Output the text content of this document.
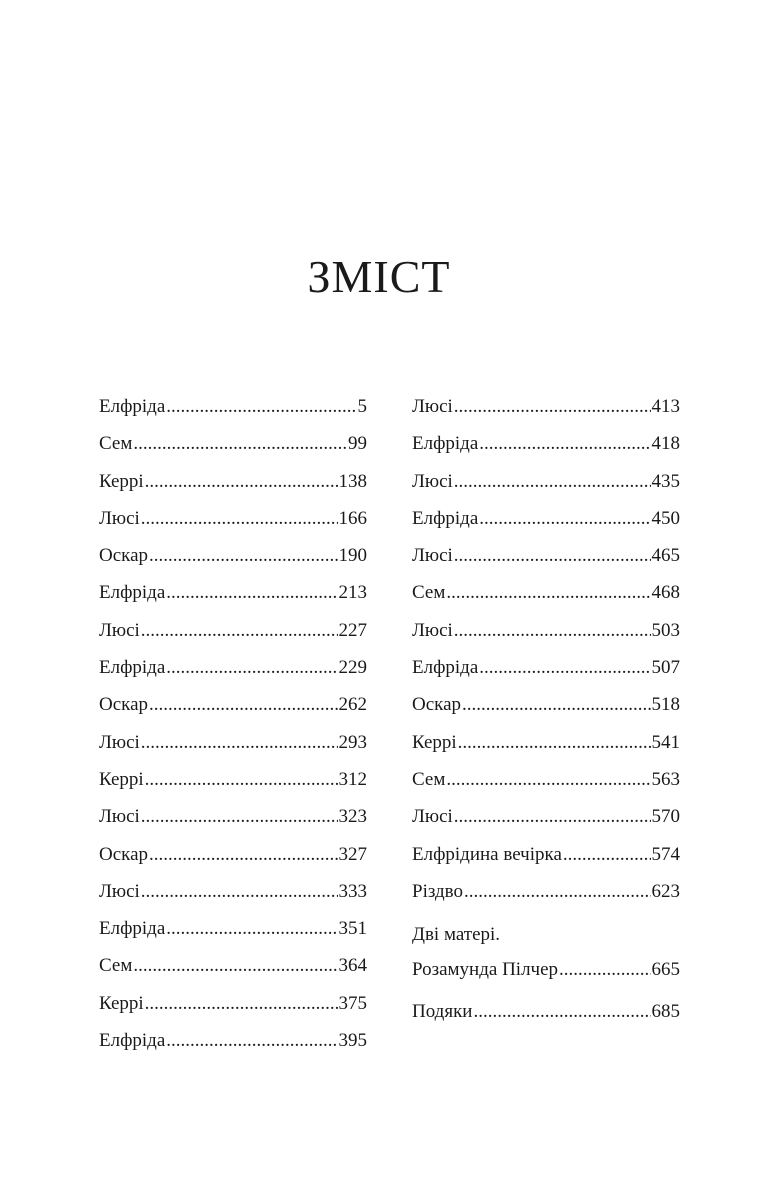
ЗМІСТ
Елфріда .....	5
Сем .....	99
Керрі .....	138
Люсі .....	166
Оскар .....	190
Елфріда .....	213
Люсі .....	227
Елфріда .....	229
Оскар .....	262
Люсі .....	293
Керрі .....	312
Люсі .....	323
Оскар .....	327
Люсі .....	333
Елфріда .....	351
Сем .....	364
Керрі .....	375
Елфріда .....	395
Люсі .....	413
Елфріда .....	418
Люсі .....	435
Елфріда .....	450
Люсі .....	465
Сем .....	468
Люсі .....	503
Елфріда .....	507
Оскар .....	518
Керрі .....	541
Сем .....	563
Люсі .....	570
Елфрідина вечірка .....	574
Різдво .....	623
Дві матері.
Розамунда Пілчер .....	665
Подяки .....	685
